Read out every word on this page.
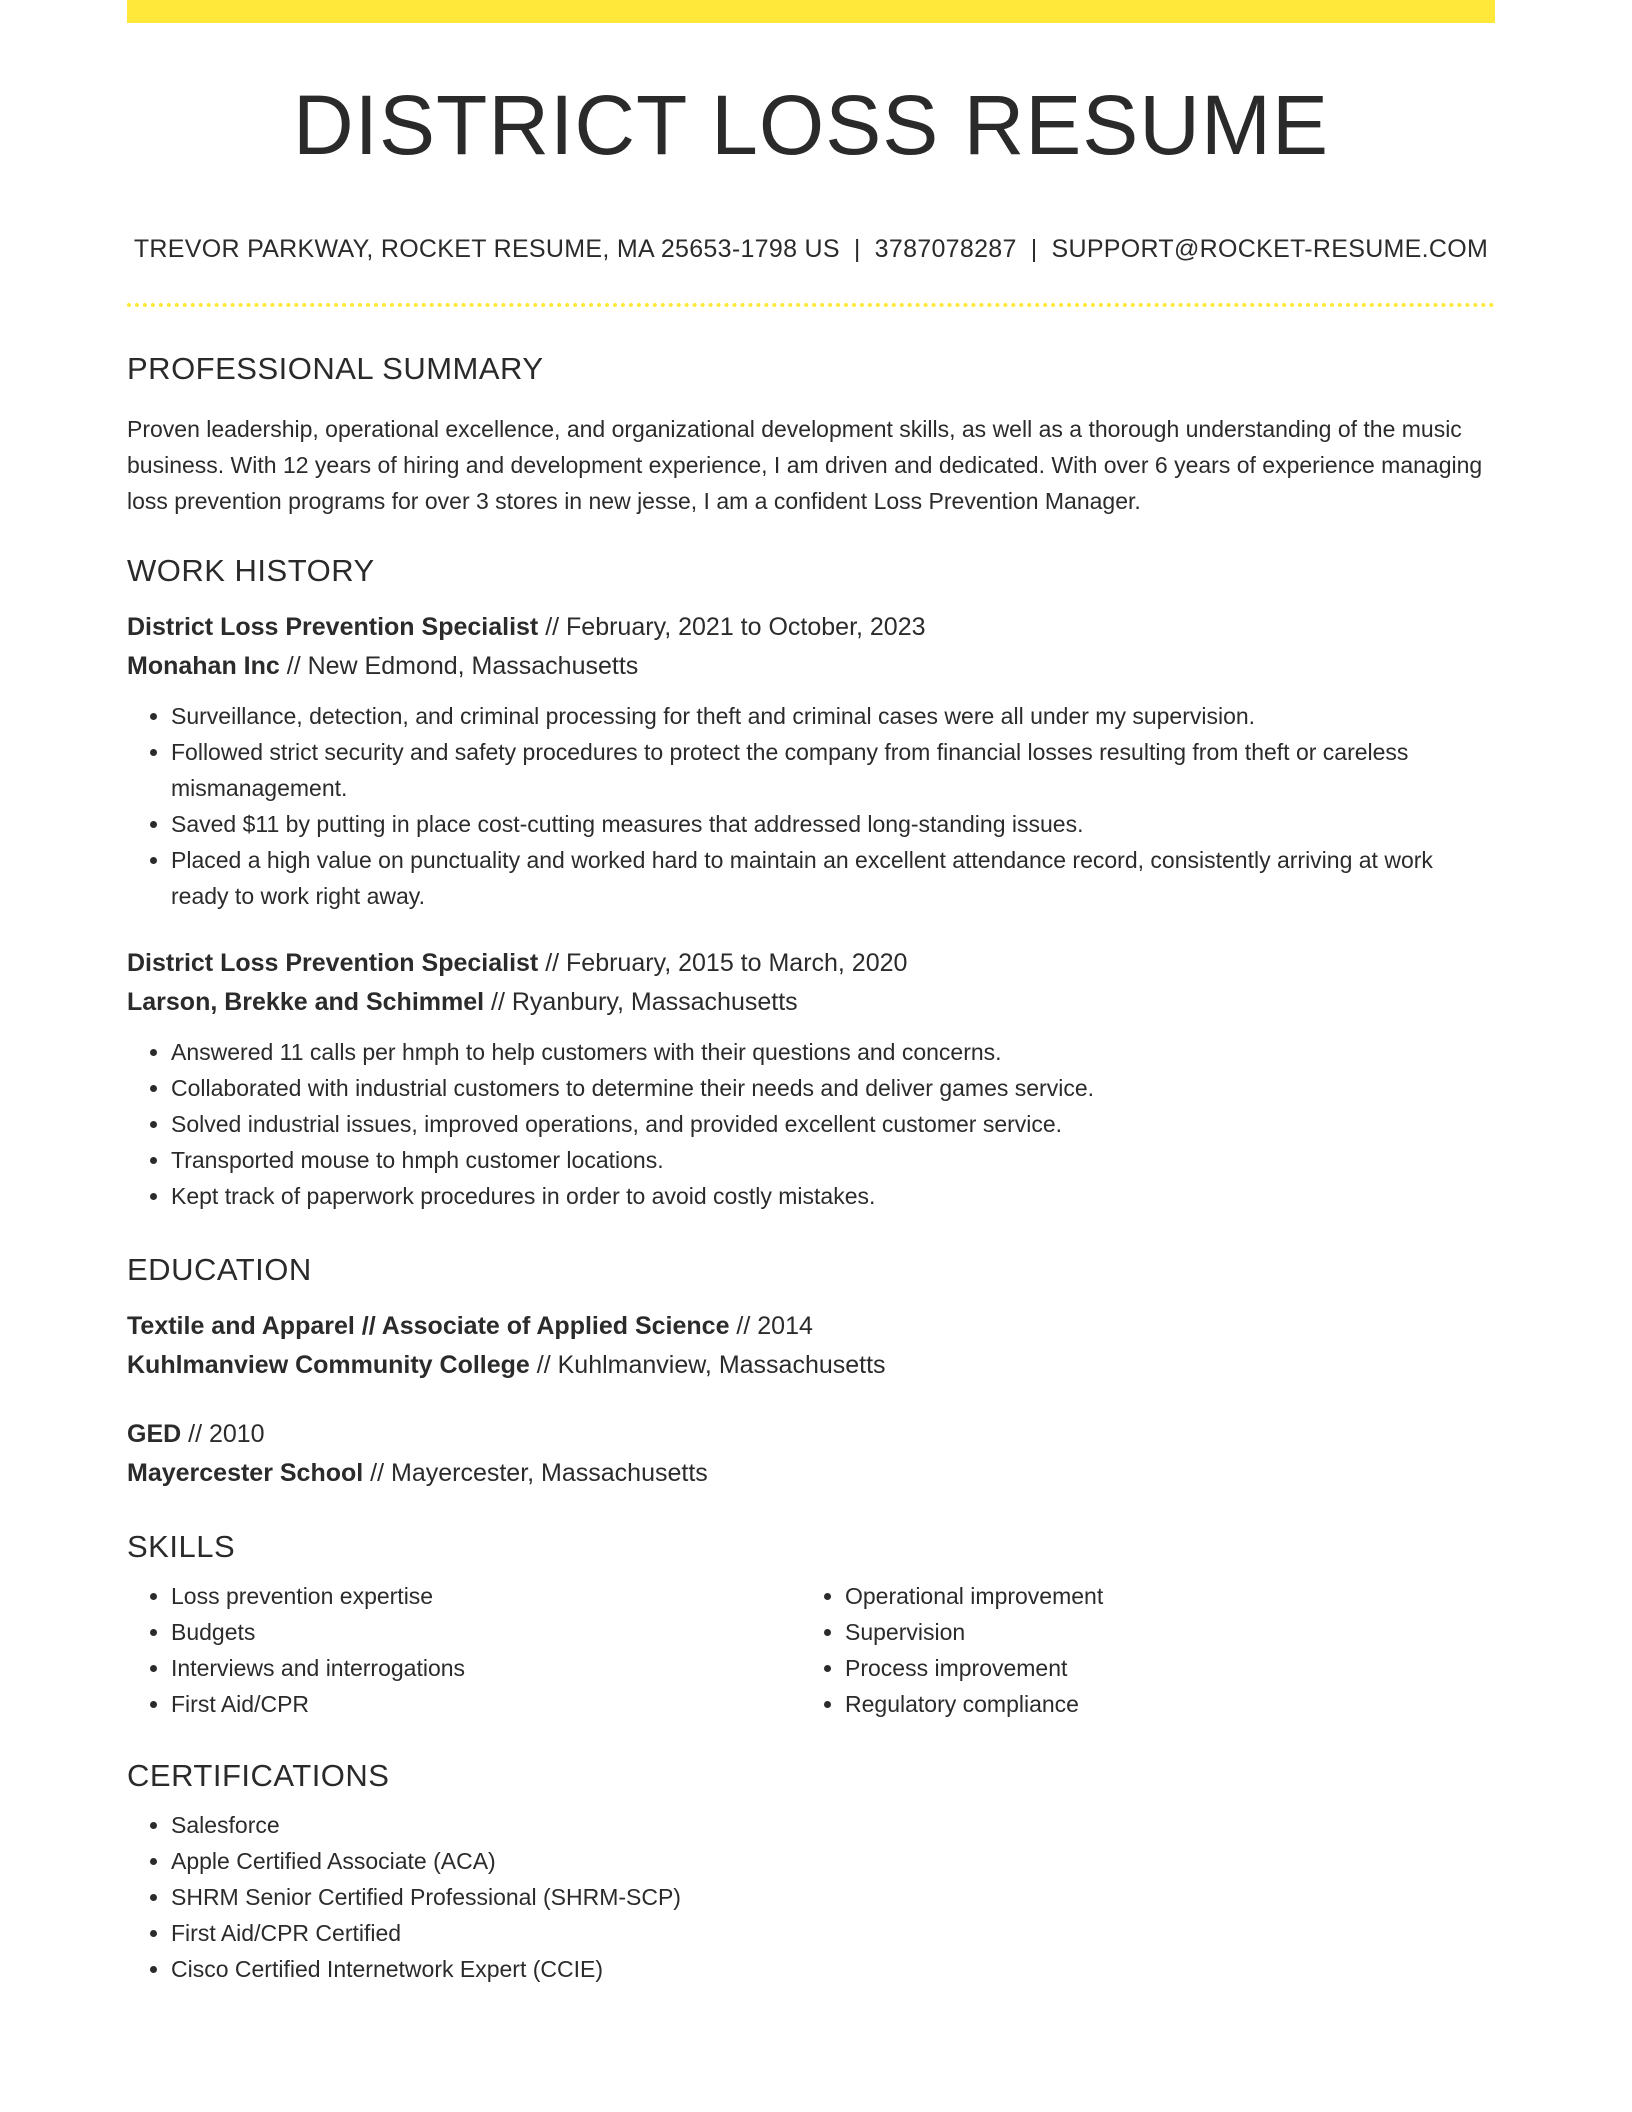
DISTRICT LOSS RESUME
TREVOR PARKWAY, ROCKET RESUME, MA 25653-1798 US | 3787078287 | SUPPORT@ROCKET-RESUME.COM
PROFESSIONAL SUMMARY

Proven leadership, operational excellence, and organizational development skills, as well as a thorough understanding of the music business. With 12 years of hiring and development experience, I am driven and dedicated. With over 6 years of experience managing loss prevention programs for over 3 stores in new jesse, I am a confident Loss Prevention Manager.

WORK HISTORY
District Loss Prevention Specialist // February, 2021 to October, 2023
Monahan Inc // New Edmond, Massachusetts
• Surveillance, detection, and criminal processing for theft and criminal cases were all under my supervision.
• Followed strict security and safety procedures to protect the company from financial losses resulting from theft or careless mismanagement.
• Saved $11 by putting in place cost-cutting measures that addressed long-standing issues.
• Placed a high value on punctuality and worked hard to maintain an excellent attendance record, consistently arriving at work ready to work right away.
District Loss Prevention Specialist // February, 2015 to March, 2020
Larson, Brekke and Schimmel // Ryanbury, Massachusetts
• Answered 11 calls per hmph to help customers with their questions and concerns.
• Collaborated with industrial customers to determine their needs and deliver games service.
• Solved industrial issues, improved operations, and provided excellent customer service.
• Transported mouse to hmph customer locations.
• Kept track of paperwork procedures in order to avoid costly mistakes.
EDUCATION
Textile and Apparel // Associate of Applied Science // 2014
Kuhlmanview Community College // Kuhlmanview, Massachusetts
GED // 2010
Mayercester School // Mayercester, Massachusetts
SKILLS
• Loss prevention expertise
• Budgets
• Interviews and interrogations
• First Aid/CPR
• Operational improvement
• Supervision
• Process improvement
• Regulatory compliance
CERTIFICATIONS
• Salesforce
• Apple Certified Associate (ACA)
• SHRM Senior Certified Professional (SHRM-SCP)
• First Aid/CPR Certified
• Cisco Certified Internetwork Expert (CCIE)
